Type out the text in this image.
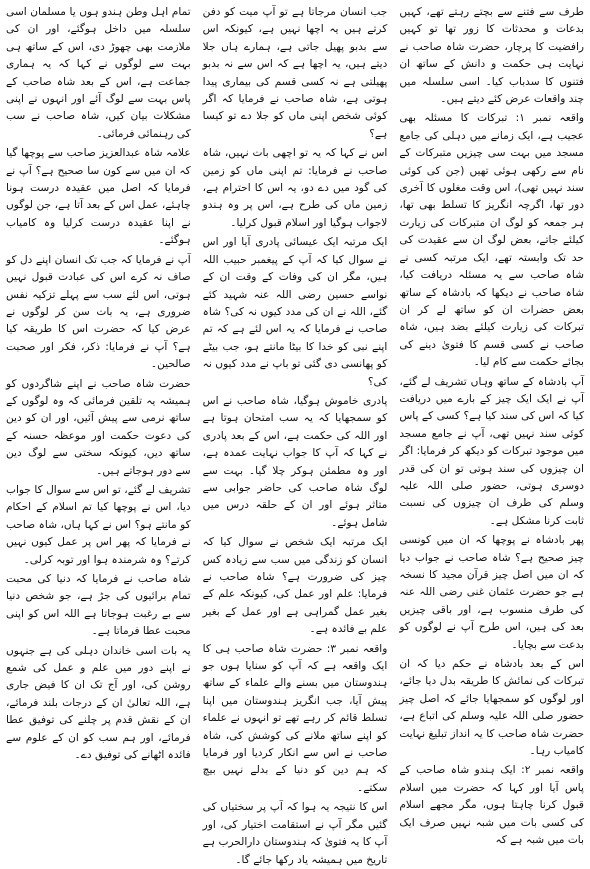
طرف سے فتنے سے بچتے رہتے تھے، کہیں بدعات و محدثات کا زور تھا تو کہیں رافضیت کا پرچار، حضرت شاہ صاحب نے نہایت ہی حکمت و دانش کے ساتھ ان فتنوں کا سدباب کیا۔ اسی سلسلہ میں چند واقعات عرض کئے دیتے ہیں۔

واقعہ نمبر ۱: تبرکات کا مسئلہ بھی عجیب ہے، ایک زمانے میں دہلی کی جامع مسجد میں بہت سی چیزیں متبرکات کے نام سے رکھی ہوئی تھیں (جن کی کوئی سند نہیں تھی)، اس وقت مغلوں کا آخری دور تھا، اگرچہ انگریز کا تسلط بھی تھا، ہر جمعہ کو لوگ ان متبرکات کی زیارت کیلئے جاتے، بعض لوگ ان سے عقیدت کی حد تک وابستہ تھے، ایک مرتبہ کسی نے شاہ صاحب سے یہ مسئلہ دریافت کیا، شاہ صاحب نے دیکھا کہ بادشاہ کے ساتھ بعض حضرات ان کو ساتھ لے کر ان تبرکات کی زیارت کیلئے بضد ہیں، شاہ صاحب نے کسی قسم کا فتویٰ دینے کی بجائے حکمت سے کام لیا۔

آپ بادشاہ کے ساتھ وہاں تشریف لے گئے، آپ نے ایک ایک چیز کے بارے میں دریافت کیا کہ اس کی سند کیا ہے؟ کسی کے پاس کوئی سند نہیں تھی، آپ نے جامع مسجد میں موجود تبرکات کو دیکھ کر فرمایا: اگر ان چیزوں کی سند ہوتی تو ان کی قدر دوسری ہوتی، حضور صلی اللہ علیہ وسلم کی طرف ان چیزوں کی نسبت ثابت کرنا مشکل ہے۔

پھر بادشاہ نے پوچھا کہ ان میں کونسی چیز صحیح ہے؟ شاہ صاحب نے جواب دیا کہ ان میں اصل چیز قرآن مجید کا نسخہ ہے جو حضرت عثمان غنی رضی اللہ عنہ کی طرف منسوب ہے، اور باقی چیزیں بعد کی ہیں، اس طرح آپ نے لوگوں کو بدعت سے بچایا۔

اس کے بعد بادشاہ نے حکم دیا کہ ان تبرکات کی نمائش کا طریقہ بدل دیا جائے، اور لوگوں کو سمجھایا جائے کہ اصل چیز حضور صلی اللہ علیہ وسلم کی اتباع ہے، حضرت شاہ صاحب کا یہ انداز تبلیغ نہایت کامیاب رہا۔

واقعہ نمبر ۲: ایک ہندو شاہ صاحب کے پاس آیا اور کہا کہ حضرت میں اسلام قبول کرنا چاہتا ہوں، مگر مجھے اسلام کی کسی بات میں شبہ نہیں صرف ایک بات میں شبہ ہے کہ

جب انسان مرجاتا ہے تو آپ میت کو دفن کرتے ہیں یہ اچھا نہیں ہے، کیونکہ اس سے بدبو پھیل جاتی ہے، ہمارے ہاں جلا دیتے ہیں، یہ اچھا ہے کہ اس سے نہ بدبو پھیلتی ہے نہ کسی قسم کی بیماری پیدا ہوتی ہے، شاہ صاحب نے فرمایا کہ اگر کوئی شخص اپنی ماں کو جلا دے تو کیسا ہے؟

اس نے کہا کہ یہ تو اچھی بات نہیں، شاہ صاحب نے فرمایا: تم اپنی ماں کو زمین کی گود میں دے دو، یہ اس کا احترام ہے، زمین ماں کی طرح ہے، اس پر وہ ہندو لاجواب ہوگیا اور اسلام قبول کرلیا۔

ایک مرتبہ ایک عیسائی پادری آیا اور اس نے سوال کیا کہ آپ کے پیغمبر حبیب اللہ ہیں، مگر ان کی وفات کے وقت ان کے نواسے حسین رضی اللہ عنہ شہید کئے گئے، اللہ نے ان کی مدد کیوں نہ کی؟ شاہ صاحب نے فرمایا کہ یہ اس لئے ہے کہ تم اپنے نبی کو خدا کا بیٹا مانتے ہو، جب بیٹے کو پھانسی دی گئی تو باپ نے مدد کیوں نہ کی؟

پادری خاموش ہوگیا، شاہ صاحب نے اس کو سمجھایا کہ یہ سب امتحان ہوتا ہے اور اللہ کی حکمت ہے، اس کے بعد پادری نے کہا کہ آپ کا جواب نہایت عمدہ ہے، اور وہ مطمئن ہوکر چلا گیا۔ بہت سے لوگ شاہ صاحب کی حاضر جوابی سے متاثر ہوئے اور ان کے حلقہ درس میں شامل ہوئے۔

ایک مرتبہ ایک شخص نے سوال کیا کہ انسان کو زندگی میں سب سے زیادہ کس چیز کی ضرورت ہے؟ شاہ صاحب نے فرمایا: علم اور عمل کی، کیونکہ علم کے بغیر عمل گمراہی ہے اور عمل کے بغیر علم بے فائدہ ہے۔

واقعہ نمبر ۳: حضرت شاہ صاحب ہی کا ایک واقعہ ہے کہ آپ کو سنایا ہوں جو ہندوستان میں بسنے والے علماء کے ساتھ پیش آیا، جب انگریز ہندوستان میں اپنا تسلط قائم کر رہے تھے تو انہوں نے علماء کو اپنے ساتھ ملانے کی کوشش کی، شاہ صاحب نے اس سے انکار کردیا اور فرمایا کہ ہم دین کو دنیا کے بدلے نہیں بیچ سکتے۔

اس کا نتیجہ یہ ہوا کہ آپ پر سختیاں کی گئیں مگر آپ نے استقامت اختیار کی، اور آپ کا یہ فتویٰ کہ ہندوستان دارالحرب ہے تاریخ میں ہمیشہ یاد رکھا جائے گا۔

تمام اہل وطن ہندو ہوں یا مسلمان اسی سلسلہ میں داخل ہوگئے، اور ان کی ملازمت بھی چھوڑ دی، اس کے ساتھ ہی بہت سے لوگوں نے کہا کہ یہ ہماری جماعت ہے، اس کے بعد شاہ صاحب کے پاس بہت سے لوگ آئے اور انہوں نے اپنی مشکلات بیان کیں، شاہ صاحب نے سب کی رہنمائی فرمائی۔

علامہ شاہ عبدالعزیز صاحب سے پوچھا گیا کہ ان میں سے کون سا صحیح ہے؟ آپ نے فرمایا کہ اصل میں عقیدہ درست ہونا چاہئے، عمل اس کے بعد آتا ہے، جن لوگوں نے اپنا عقیدہ درست کرلیا وہ کامیاب ہوگئے۔

آپ نے فرمایا کہ جب تک انسان اپنے دل کو صاف نہ کرے اس کی عبادت قبول نہیں ہوتی، اس لئے سب سے پہلے تزکیہ نفس ضروری ہے، یہ بات سن کر لوگوں نے عرض کیا کہ حضرت اس کا طریقہ کیا ہے؟ آپ نے فرمایا: ذکر، فکر اور صحبت صالحین۔

حضرت شاہ صاحب نے اپنے شاگردوں کو ہمیشہ یہ تلقین فرمائی کہ وہ لوگوں کے ساتھ نرمی سے پیش آئیں، اور ان کو دین کی دعوت حکمت اور موعظہ حسنہ کے ساتھ دیں، کیونکہ سختی سے لوگ دین سے دور ہوجاتے ہیں۔

تشریف لے گئے، تو اس سے سوال کا جواب دیا، اس نے پوچھا کیا تم اسلام کے احکام کو مانتے ہو؟ اس نے کہا ہاں، شاہ صاحب نے فرمایا کہ پھر اس پر عمل کیوں نہیں کرتے؟ وہ شرمندہ ہوا اور توبہ کرلی۔

شاہ صاحب نے فرمایا کہ دنیا کی محبت تمام برائیوں کی جڑ ہے، جو شخص دنیا سے بے رغبت ہوجاتا ہے اللہ اس کو اپنی محبت عطا فرماتا ہے۔

یہ بات اسی خاندان دہلی کی ہے جنہوں نے اپنے دور میں علم و عمل کی شمع روشن کی، اور آج تک ان کا فیض جاری ہے، اللہ تعالیٰ ان کے درجات بلند فرمائے، ان کے نقش قدم پر چلنے کی توفیق عطا فرمائے، اور ہم سب کو ان کے علوم سے فائدہ اٹھانے کی توفیق دے۔
